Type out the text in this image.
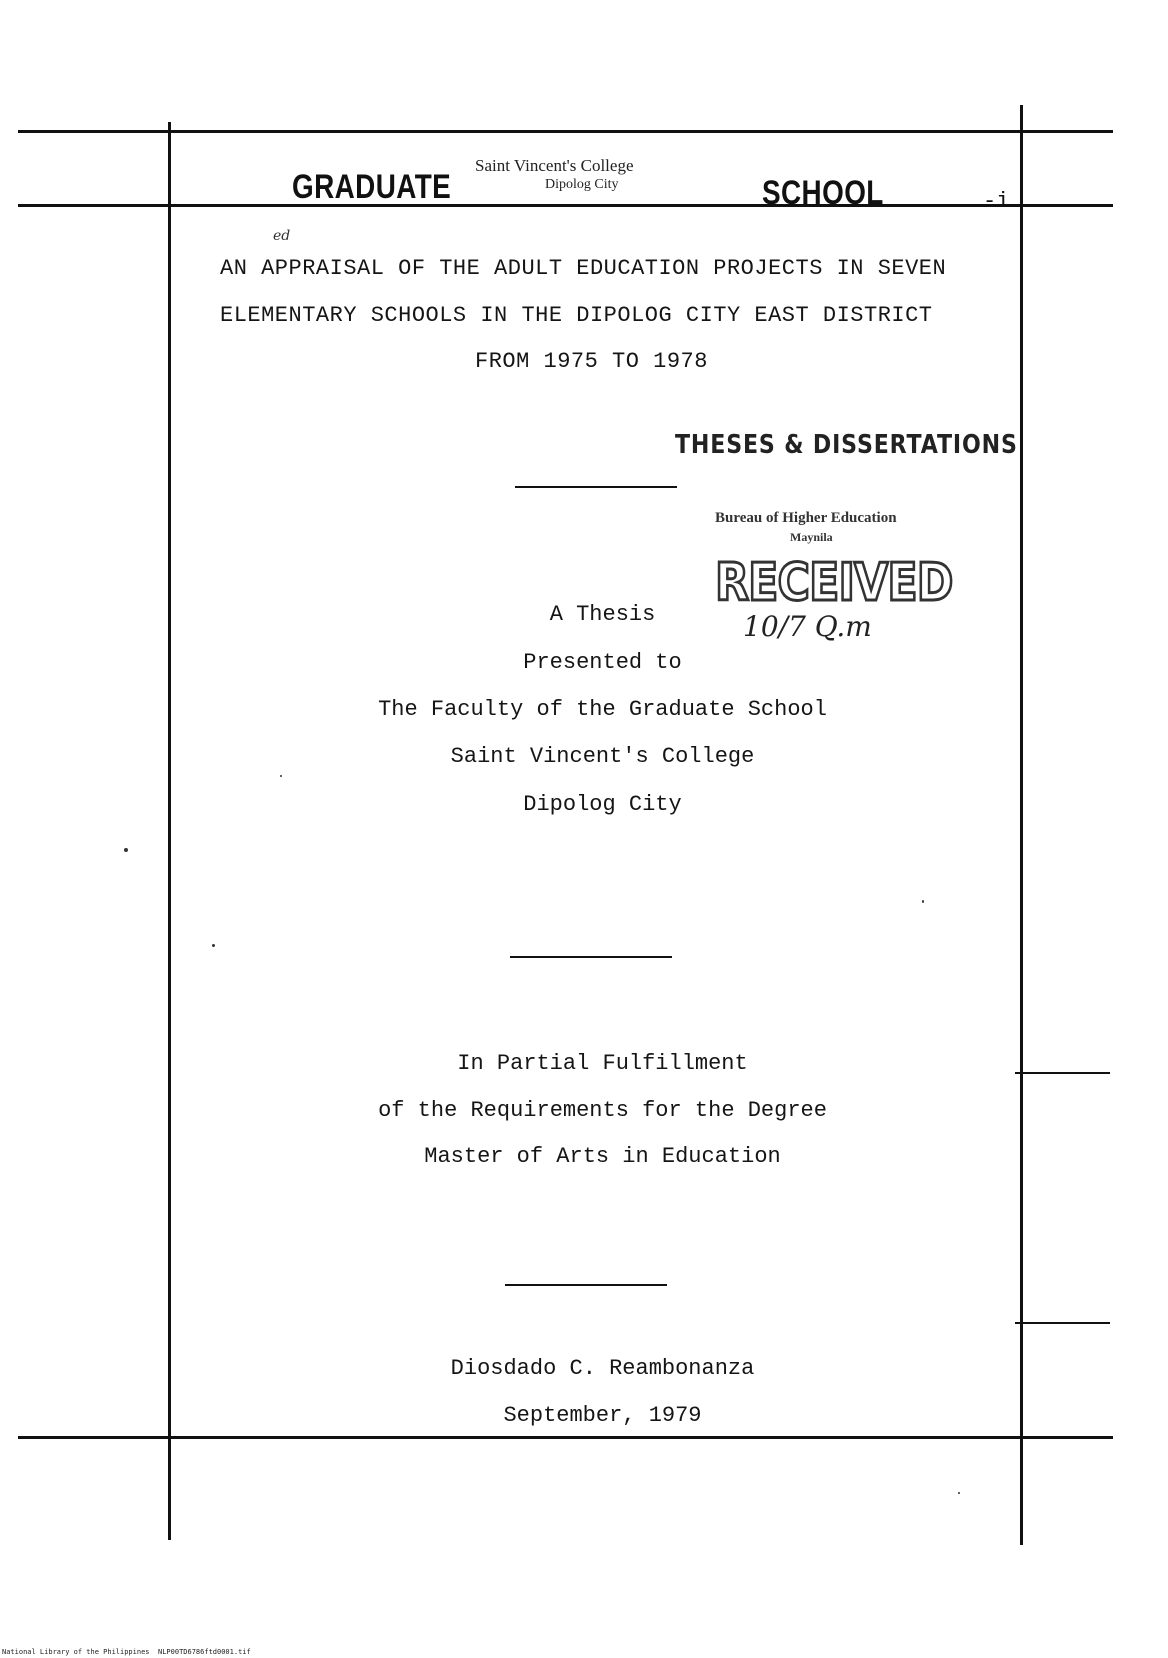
GRADUATE
Saint Vincent's College
Dipolog City	SCHOOL	-i
ed
AN APPRAISAL OF THE ADULT EDUCATION PROJECTS IN SEVEN
ELEMENTARY SCHOOLS IN THE DIPOLOG CITY EAST DISTRICT
FROM 1975 TO 1978
THESES & DISSERTATIONS
Bureau of Higher Education
Maynila
RECEIVED
10/7 Q.m
A Thesis
Presented to
The Faculty of the Graduate School
Saint Vincent's College
Dipolog City
In Partial Fulfillment
of the Requirements for the Degree
Master of Arts in Education
Diosdado C. Reambonanza
September, 1979
National Library of the Philippines NLP00TD6786ftd0001.tif
